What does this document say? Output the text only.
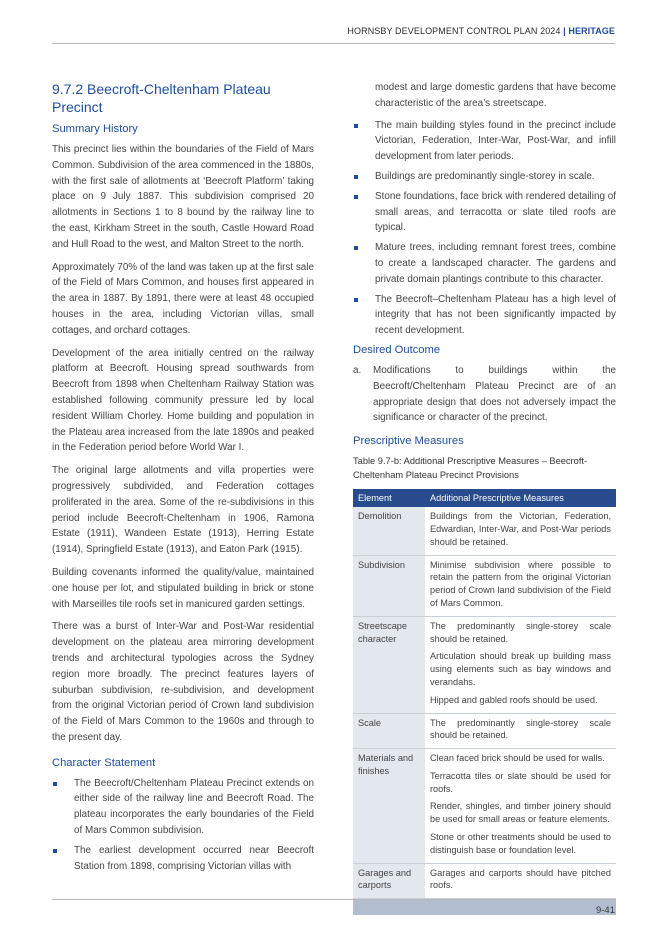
HORNSBY DEVELOPMENT CONTROL PLAN 2024 | HERITAGE
9.7.2 Beecroft-Cheltenham Plateau Precinct
Summary History

This precinct lies within the boundaries of the Field of Mars Common. Subdivision of the area commenced in the 1880s, with the first sale of allotments at ‘Beecroft Platform’ taking place on 9 July 1887. This subdivision comprised 20 allotments in Sections 1 to 8 bound by the railway line to the east, Kirkham Street in the south, Castle Howard Road and Hull Road to the west, and Malton Street to the north.

Approximately 70% of the land was taken up at the first sale of the Field of Mars Common, and houses first appeared in the area in 1887. By 1891, there were at least 48 occupied houses in the area, including Victorian villas, small cottages, and orchard cottages.

Development of the area initially centred on the railway platform at Beecroft. Housing spread southwards from Beecroft from 1898 when Cheltenham Railway Station was established following community pressure led by local resident William Chorley. Home building and population in the Plateau area increased from the late 1890s and peaked in the Federation period before World War I.

The original large allotments and villa properties were progressively subdivided, and Federation cottages proliferated in the area. Some of the re-subdivisions in this period include Beecroft-Cheltenham in 1906, Ramona Estate (1911), Wandeen Estate (1913), Herring Estate (1914), Springfield Estate (1913), and Eaton Park (1915).

Building covenants informed the quality/value, maintained one house per lot, and stipulated building in brick or stone with Marseilles tile roofs set in manicured garden settings.

There was a burst of Inter-War and Post-War residential development on the plateau area mirroring development trends and architectural typologies across the Sydney region more broadly. The precinct features layers of suburban subdivision, re-subdivision, and development from the original Victorian period of Crown land subdivision of the Field of Mars Common to the 1960s and through to the present day.

Character Statement
The Beecroft/Cheltenham Plateau Precinct extends on either side of the railway line and Beecroft Road. The plateau incorporates the early boundaries of the Field of Mars Common subdivision.
The earliest development occurred near Beecroft Station from 1898, comprising Victorian villas with
modest and large domestic gardens that have become characteristic of the area’s streetscape.
The main building styles found in the precinct include Victorian, Federation, Inter-War, Post-War, and infill development from later periods.
Buildings are predominantly single-storey in scale.
Stone foundations, face brick with rendered detailing of small areas, and terracotta or slate tiled roofs are typical.
Mature trees, including remnant forest trees, combine to create a landscaped character. The gardens and private domain plantings contribute to this character.
The Beecroft–Cheltenham Plateau has a high level of integrity that has not been significantly impacted by recent development.
Desired Outcome
a. Modifications to buildings within the Beecroft/Cheltenham Plateau Precinct are of an appropriate design that does not adversely impact the significance or character of the precinct.
Prescriptive Measures
Table 9.7-b: Additional Prescriptive Measures – Beecroft-Cheltenham Plateau Precinct Provisions
Element	Additional Prescriptive Measures
Demolition	Buildings from the Victorian, Federation, Edwardian, Inter-War, and Post-War periods should be retained.

Subdivision	Minimise subdivision where possible to retain the pattern from the original Victorian period of Crown land subdivision of the Field of Mars Common.

Streetscape character	The predominantly single-storey scale should be retained.
Articulation should break up building mass using elements such as bay windows and verandahs.
Hipped and gabled roofs should be used.

Scale	The predominantly single-storey scale should be retained.

Materials and finishes	Clean faced brick should be used for walls.
Terracotta tiles or slate should be used for roofs.
Render, shingles, and timber joinery should be used for small areas or feature elements.
Stone or other treatments should be used to distinguish base or foundation level.

Garages and carports	Garages and carports should have pitched roofs.

9-41
